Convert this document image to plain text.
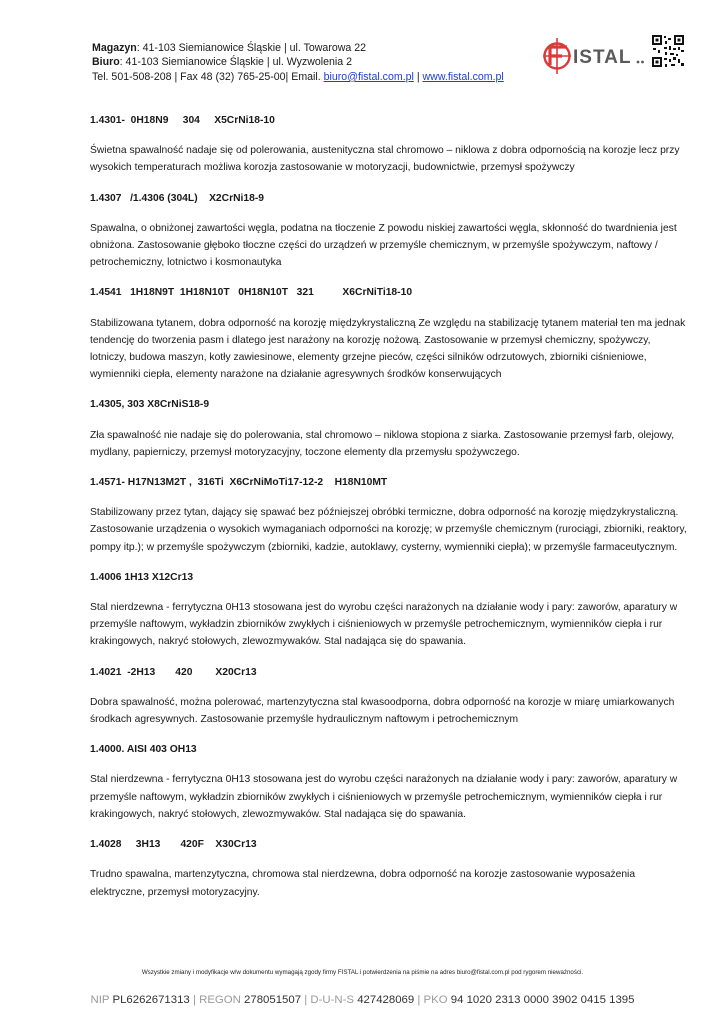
Magazyn: 41-103 Siemianowice Śląskie | ul. Towarowa 22
Biuro: 41-103 Siemianowice Śląskie | ul. Wyzwolenia 2
Tel. 501-508-208 | Fax 48 (32) 765-25-00| Email. biuro@fistal.com.pl | www.fistal.com.pl
ISTAL
1.4301-  0H18N9     304     X5CrNi18-10
Świetna spawalność nadaje się od polerowania, austenityczna stal chromowo – niklowa z dobra odpornością na korozje lecz przy wysokich temperaturach możliwa korozja zastosowanie w motoryzacji, budownictwie, przemysł spożywczy
1.4307   /1.4306 (304L)    X2CrNi18-9
Spawalna, o obniżonej zawartości węgla, podatna na tłoczenie Z powodu niskiej zawartości węgla, skłonność do twardnienia jest obniżona. Zastosowanie głęboko tłoczne części do urządzeń w przemyśle chemicznym, w przemyśle spożywczym, naftowy / petrochemiczny, lotnictwo i kosmonautyka
1.4541   1H18N9T  1H18N10T   0H18N10T   321          X6CrNiTi18-10
Stabilizowana tytanem, dobra odporność na korozję międzykrystaliczną Ze względu na stabilizację tytanem materiał ten ma jednak tendencję do tworzenia pasm i dlatego jest narażony na korozję nożową. Zastosowanie w przemysł chemiczny, spożywczy, lotniczy, budowa maszyn, kotły zawiesinowe, elementy grzejne pieców, części silników odrzutowych, zbiorniki ciśnieniowe, wymienniki ciepła, elementy narażone na działanie agresywnych środków konserwujących
1.4305, 303 X8CrNiS18-9
Zła spawalność nie nadaje się do polerowania, stal chromowo – niklowa stopiona z siarka. Zastosowanie przemysł farb, olejowy, mydlany, papierniczy, przemysł motoryzacyjny, toczone elementy dla przemysłu spożywczego.
1.4571- H17N13M2T ,  316Ti  X6CrNiMoTi17-12-2    H18N10MT
Stabilizowany przez tytan, dający się spawać bez późniejszej obróbki termiczne, dobra odporność na korozję międzykrystaliczną. Zastosowanie urządzenia o wysokich wymaganiach odporności na korozję; w przemyśle chemicznym (rurociągi, zbiorniki, reaktory, pompy itp.); w przemyśle spożywczym (zbiorniki, kadzie, autoklawy, cysterny, wymienniki ciepła); w przemyśle farmaceutycznym.
1.4006 1H13 X12Cr13
Stal nierdzewna - ferrytyczna 0H13 stosowana jest do wyrobu części narażonych na działanie wody i pary: zaworów, aparatury w przemyśle naftowym, wykładzin zbiorników zwykłych i ciśnieniowych w przemyśle petrochemicznym, wymienników ciepła i rur krakingowych, nakryć stołowych, zlewozmywaków. Stal nadająca się do spawania.
1.4021  -2H13       420        X20Cr13
Dobra spawalność, można polerować, martenzytyczna stal kwasoodporna, dobra odporność na korozje w miarę umiarkowanych środkach agresywnych. Zastosowanie przemyśle hydraulicznym naftowym i petrochemicznym
1.4000. AISI 403 OH13
Stal nierdzewna - ferrytyczna 0H13 stosowana jest do wyrobu części narażonych na działanie wody i pary: zaworów, aparatury w przemyśle naftowym, wykładzin zbiorników zwykłych i ciśnieniowych w przemyśle petrochemicznym, wymienników ciepła i rur krakingowych, nakryć stołowych, zlewozmywaków. Stal nadająca się do spawania.
1.4028     3H13       420F    X30Cr13
Trudno spawalna, martenzytyczna, chromowa stal nierdzewna, dobra odporność na korozje zastosowanie wyposażenia elektryczne, przemysł motoryzacyjny.
Wszystkie zmiany i modyfikacje w/w dokumentu wymagają zgody firmy FISTAL i potwierdzenia na piśmie na adres biuro@fistal.com.pl pod rygorem nieważności.
NIP PL6262671313 | REGON 278051507 | D-U-N-S 427428069 | PKO 94 1020 2313 0000 3902 0415 1395
